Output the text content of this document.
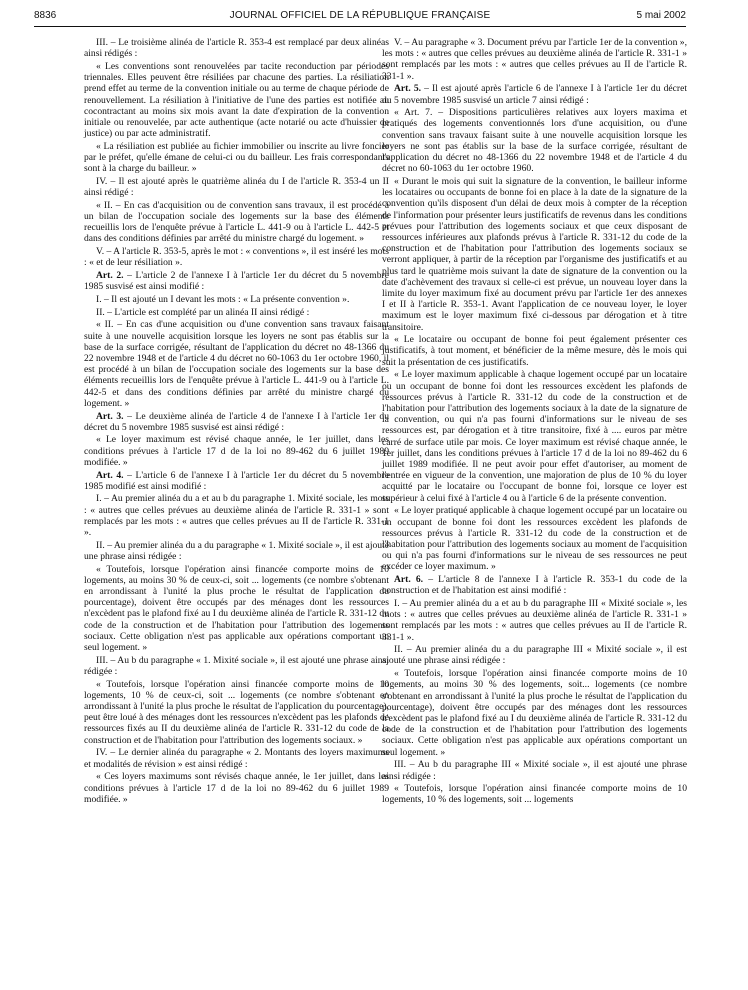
8836	JOURNAL OFFICIEL DE LA RÉPUBLIQUE FRANÇAISE	5 mai 2002

III. – Le troisième alinéa de l'article R. 353-4 est remplacé par deux alinéas ainsi rédigés :

« Les conventions sont renouvelées par tacite reconduction par périodes triennales. Elles peuvent être résiliées par chacune des parties. La résiliation prend effet au terme de la convention initiale ou au terme de chaque période de renouvellement. La résiliation à l'initiative de l'une des parties est notifiée au cocontractant au moins six mois avant la date d'expiration de la convention initiale ou renouvelée, par acte authentique (acte notarié ou acte d'huissier de justice) ou par acte administratif.

« La résiliation est publiée au fichier immobilier ou inscrite au livre foncier par le préfet, qu'elle émane de celui-ci ou du bailleur. Les frais correspondants sont à la charge du bailleur. »

IV. – Il est ajouté après le quatrième alinéa du I de l'article R. 353-4 un II ainsi rédigé :

« II. – En cas d'acquisition ou de convention sans travaux, il est procédé à un bilan de l'occupation sociale des logements sur la base des éléments recueillis lors de l'enquête prévue à l'article L. 441-9 ou à l'article L. 442-5 et dans des conditions définies par arrêté du ministre chargé du logement. »

V. – A l'article R. 353-5, après le mot : « conventions », il est inséré les mots : « et de leur résiliation ».

Art. 2. – L'article 2 de l'annexe I à l'article 1er du décret du 5 novembre 1985 susvisé est ainsi modifié :

I. – Il est ajouté un I devant les mots : « La présente convention ».

II. – L'article est complété par un alinéa II ainsi rédigé :

« II. – En cas d'une acquisition ou d'une convention sans travaux faisant suite à une nouvelle acquisition lorsque les loyers ne sont pas établis sur la base de la surface corrigée, résultant de l'application du décret no 48-1366 du 22 novembre 1948 et de l'article 4 du décret no 60-1063 du 1er octobre 1960, il est procédé à un bilan de l'occupation sociale des logements sur la base des éléments recueillis lors de l'enquête prévue à l'article L. 441-9 ou à l'article L. 442-5 et dans des conditions définies par arrêté du ministre chargé du logement. »

Art. 3. – Le deuxième alinéa de l'article 4 de l'annexe I à l'article 1er du décret du 5 novembre 1985 susvisé est ainsi rédigé :

« Le loyer maximum est révisé chaque année, le 1er juillet, dans les conditions prévues à l'article 17 d de la loi no 89-462 du 6 juillet 1989 modifiée. »

Art. 4. – L'article 6 de l'annexe I à l'article 1er du décret du 5 novembre 1985 modifié est ainsi modifié :

I. – Au premier alinéa du a et au b du paragraphe 1. Mixité sociale, les mots : « autres que celles prévues au deuxième alinéa de l'article R. 331-1 » sont remplacés par les mots : « autres que celles prévues au II de l'article R. 331-1 ».

II. – Au premier alinéa du a du paragraphe « 1. Mixité sociale », il est ajouté une phrase ainsi rédigée :

« Toutefois, lorsque l'opération ainsi financée comporte moins de 10 logements, au moins 30 % de ceux-ci, soit ... logements (ce nombre s'obtenant en arrondissant à l'unité la plus proche le résultat de l'application du pourcentage), doivent être occupés par des ménages dont les ressources n'excèdent pas le plafond fixé au I du deuxième alinéa de l'article R. 331-12 du code de la construction et de l'habitation pour l'attribution des logements sociaux. Cette obligation n'est pas applicable aux opérations comportant un seul logement. »

III. – Au b du paragraphe « 1. Mixité sociale », il est ajouté une phrase ainsi rédigée :

« Toutefois, lorsque l'opération ainsi financée comporte moins de 10 logements, 10 % de ceux-ci, soit ... logements (ce nombre s'obtenant en arrondissant à l'unité la plus proche le résultat de l'application du pourcentage), peut être loué à des ménages dont les ressources n'excèdent pas les plafonds de ressources fixés au II du deuxième alinéa de l'article R. 331-12 du code de la construction et de l'habitation pour l'attribution des logements sociaux. »

IV. – Le dernier alinéa du paragraphe « 2. Montants des loyers maximums et modalités de révision » est ainsi rédigé :

« Ces loyers maximums sont révisés chaque année, le 1er juillet, dans les conditions prévues à l'article 17 d de la loi no 89-462 du 6 juillet 1989 modifiée. »

V. – Au paragraphe « 3. Document prévu par l'article 1er de la convention », les mots : « autres que celles prévues au deuxième alinéa de l'article R. 331-1 » sont remplacés par les mots : « autres que celles prévues au II de l'article R. 331-1 ».

Art. 5. – Il est ajouté après l'article 6 de l'annexe I à l'article 1er du décret du 5 novembre 1985 susvisé un article 7 ainsi rédigé :

« Art. 7. – Dispositions particulières relatives aux loyers maxima et pratiqués des logements conventionnés lors d'une acquisition, ou d'une convention sans travaux faisant suite à une nouvelle acquisition lorsque les loyers ne sont pas établis sur la base de la surface corrigée, résultant de l'application du décret no 48-1366 du 22 novembre 1948 et de l'article 4 du décret no 60-1063 du 1er octobre 1960.

« Durant le mois qui suit la signature de la convention, le bailleur informe les locataires ou occupants de bonne foi en place à la date de la signature de la convention qu'ils disposent d'un délai de deux mois à compter de la réception de l'information pour présenter leurs justificatifs de revenus dans les conditions prévues pour l'attribution des logements sociaux et que ceux disposant de ressources inférieures aux plafonds prévus à l'article R. 331-12 du code de la construction et de l'habitation pour l'attribution des logements sociaux se verront appliquer, à partir de la réception par l'organisme des justificatifs et au plus tard le quatrième mois suivant la date de signature de la convention ou la date d'achèvement des travaux si celle-ci est prévue, un nouveau loyer dans la limite du loyer maximum fixé au document prévu par l'article 1er des annexes I et II à l'article R. 353-1. Avant l'application de ce nouveau loyer, le loyer maximum est le loyer maximum fixé ci-dessous par dérogation et à titre transitoire.

« Le locataire ou occupant de bonne foi peut également présenter ces justificatifs, à tout moment, et bénéficier de la même mesure, dès le mois qui suit la présentation de ces justificatifs.

« Le loyer maximum applicable à chaque logement occupé par un locataire ou un occupant de bonne foi dont les ressources excèdent les plafonds de ressources prévus à l'article R. 331-12 du code de la construction et de l'habitation pour l'attribution des logements sociaux à la date de la signature de la convention, ou qui n'a pas fourni d'informations sur le niveau de ses ressources est, par dérogation et à titre transitoire, fixé à .... euros par mètre carré de surface utile par mois. Ce loyer maximum est révisé chaque année, le 1er juillet, dans les conditions prévues à l'article 17 d de la loi no 89-462 du 6 juillet 1989 modifiée. Il ne peut avoir pour effet d'autoriser, au moment de l'entrée en vigueur de la convention, une majoration de plus de 10 % du loyer acquitté par le locataire ou l'occupant de bonne foi, lorsque ce loyer est supérieur à celui fixé à l'article 4 ou à l'article 6 de la présente convention.

« Le loyer pratiqué applicable à chaque logement occupé par un locataire ou un occupant de bonne foi dont les ressources excèdent les plafonds de ressources prévus à l'article R. 331-12 du code de la construction et de l'habitation pour l'attribution des logements sociaux au moment de l'acquisition ou qui n'a pas fourni d'informations sur le niveau de ses ressources ne peut excéder ce loyer maximum. »

Art. 6. – L'article 8 de l'annexe I à l'article R. 353-1 du code de la construction et de l'habitation est ainsi modifié :

I. – Au premier alinéa du a et au b du paragraphe III « Mixité sociale », les mots : « autres que celles prévues au deuxième alinéa de l'article R. 331-1 » sont remplacés par les mots : « autres que celles prévues au II de l'article R. 331-1 ».

II. – Au premier alinéa du a du paragraphe III « Mixité sociale », il est ajouté une phrase ainsi rédigée :

« Toutefois, lorsque l'opération ainsi financée comporte moins de 10 logements, au moins 30 % des logements, soit... logements (ce nombre s'obtenant en arrondissant à l'unité la plus proche le résultat de l'application du pourcentage), doivent être occupés par des ménages dont les ressources n'excèdent pas le plafond fixé au I du deuxième alinéa de l'article R. 331-12 du code de la construction et de l'habitation pour l'attribution des logements sociaux. Cette obligation n'est pas applicable aux opérations comportant un seul logement. »

III. – Au b du paragraphe III « Mixité sociale », il est ajouté une phrase ainsi rédigée :

« Toutefois, lorsque l'opération ainsi financée comporte moins de 10 logements, 10 % des logements, soit ... logements
